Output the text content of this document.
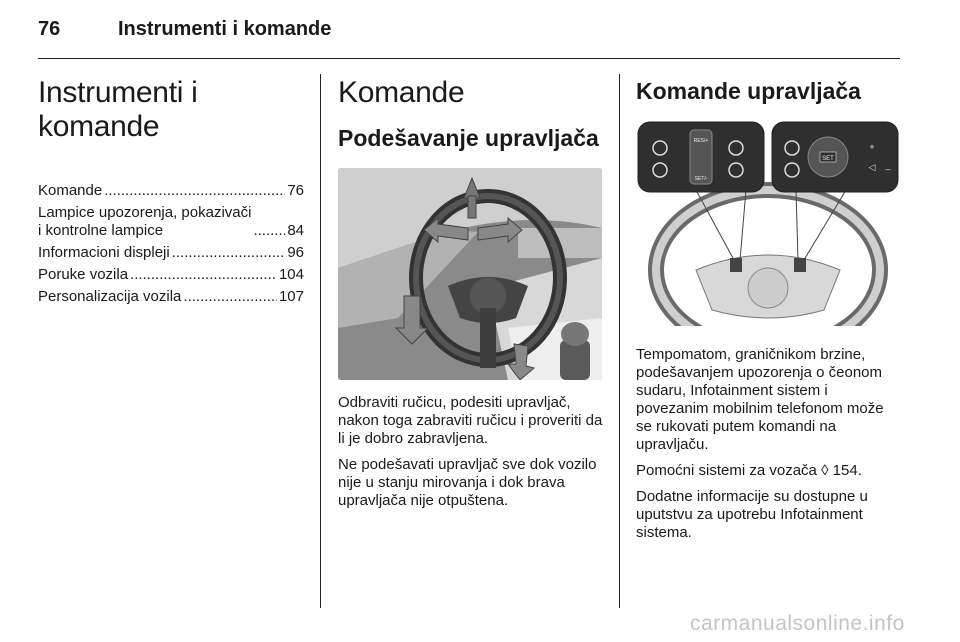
76	Instrumenti i komande
Instrumenti i komande
Komande .....	76
Lampice upozorenja, pokazivači
i kontrolne lampice .....	84
Informacioni displeji .....	96
Poruke vozila .....	104
Personalizacija vozila .....	107
Komande
Podešavanje upravljača

Odbraviti ručicu, podesiti upravljač, nakon toga zabraviti ručicu i proveriti da li je dobro zabravljena.

Ne podešavati upravljač sve dok vozilo nije u stanju mirovanja i dok brava upravljača nije otpuštena.

Komande upravljača
RES/+
SET/-
SET
+
◁ –

Tempomatom, graničnikom brzine, podešavanjem upozorenja o čeonom sudaru, Infotainment sistem i povezanim mobilnim telefonom može se rukovati putem komandi na upravljaču.

Pomoćni sistemi za vozača ◊ 154.

Dodatne informacije su dostupne u uputstvu za upotrebu Infotainment sistema.

carmanualsonline.info
